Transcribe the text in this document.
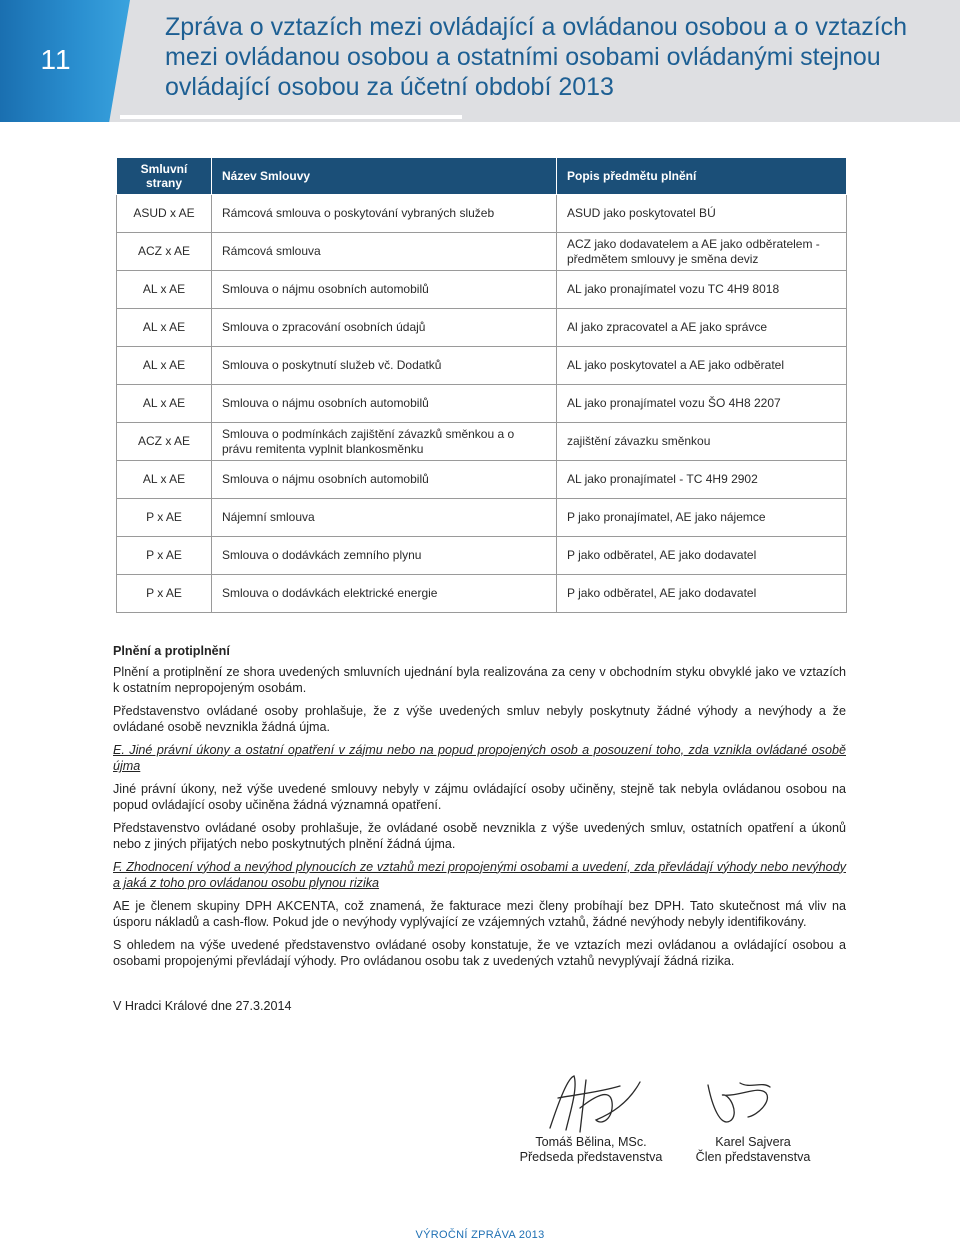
11
Zpráva o vztazích mezi ovládající a ovládanou osobou a o vztazích mezi ovládanou osobou a ostatními osobami ovládanými stejnou ovládající osobou za účetní období 2013
Smluvní strany	Název Smlouvy	Popis předmětu plnění
ASUD x AE	Rámcová smlouva o poskytování vybraných služeb	ASUD jako poskytovatel BÚ
ACZ x AE	Rámcová smlouva	ACZ jako dodavatelem a AE jako odběratelem - předmětem smlouvy je směna deviz
AL x AE	Smlouva o nájmu osobních automobilů	AL jako pronajímatel vozu TC 4H9 8018
AL x AE	Smlouva o zpracování osobních údajů	Al jako zpracovatel a AE jako správce
AL x AE	Smlouva o poskytnutí služeb vč. Dodatků	AL jako poskytovatel a AE jako odběratel
AL x AE	Smlouva o nájmu osobních automobilů	AL jako pronajímatel vozu ŠO 4H8 2207
ACZ x AE	Smlouva o podmínkách zajištění závazků směnkou a o právu remitenta vyplnit blankosměnku	zajištění závazku směnkou
AL x AE	Smlouva o nájmu osobních automobilů	AL jako pronajímatel - TC 4H9 2902
P x AE	Nájemní smlouva	P jako pronajímatel, AE jako nájemce
P x AE	Smlouva o dodávkách zemního plynu	P jako odběratel, AE jako dodavatel
P x AE	Smlouva o dodávkách elektrické energie	P jako odběratel, AE jako dodavatel

Plnění a protiplnění

Plnění a protiplnění ze shora uvedených smluvních ujednání byla realizována za ceny v obchodním styku obvyklé jako ve vztazích k ostatním nepropojeným osobám.

Představenstvo ovládané osoby prohlašuje, že z výše uvedených smluv nebyly poskytnuty žádné výhody a nevýhody a že ovládané osobě nevznikla žádná újma.

E. Jiné právní úkony a ostatní opatření v zájmu nebo na popud propojených osob a posouzení toho, zda vznikla ovládané osobě újma

Jiné právní úkony, než výše uvedené smlouvy nebyly v zájmu ovládající osoby učiněny, stejně tak nebyla ovládanou osobou na popud ovládající osoby učiněna žádná významná opatření.

Představenstvo ovládané osoby prohlašuje, že ovládané osobě nevznikla z výše uvedených smluv, ostatních opatření a úkonů nebo z jiných přijatých nebo poskytnutých plnění žádná újma.

F. Zhodnocení výhod a nevýhod plynoucích ze vztahů mezi propojenými osobami a uvedení, zda převládají výhody nebo nevýhody a jaká z toho pro ovládanou osobu plynou rizika

AE je členem skupiny DPH AKCENTA, což znamená, že fakturace mezi členy probíhají bez DPH. Tato skutečnost má vliv na úsporu nákladů a cash-flow. Pokud jde o nevýhody vyplývající ze vzájemných vztahů, žádné nevýhody nebyly identifikovány.

S ohledem na výše uvedené představenstvo ovládané osoby konstatuje, že ve vztazích mezi ovládanou a ovládající osobou a osobami propojenými převládají výhody. Pro ovládanou osobu tak z uvedených vztahů nevyplývají žádná rizika.

V Hradci Králové dne 27.3.2014

Tomáš Bělina, MSc.
Předseda představenstva
Karel Sajvera
Člen představenstva
VÝROČNÍ ZPRÁVA 2013
